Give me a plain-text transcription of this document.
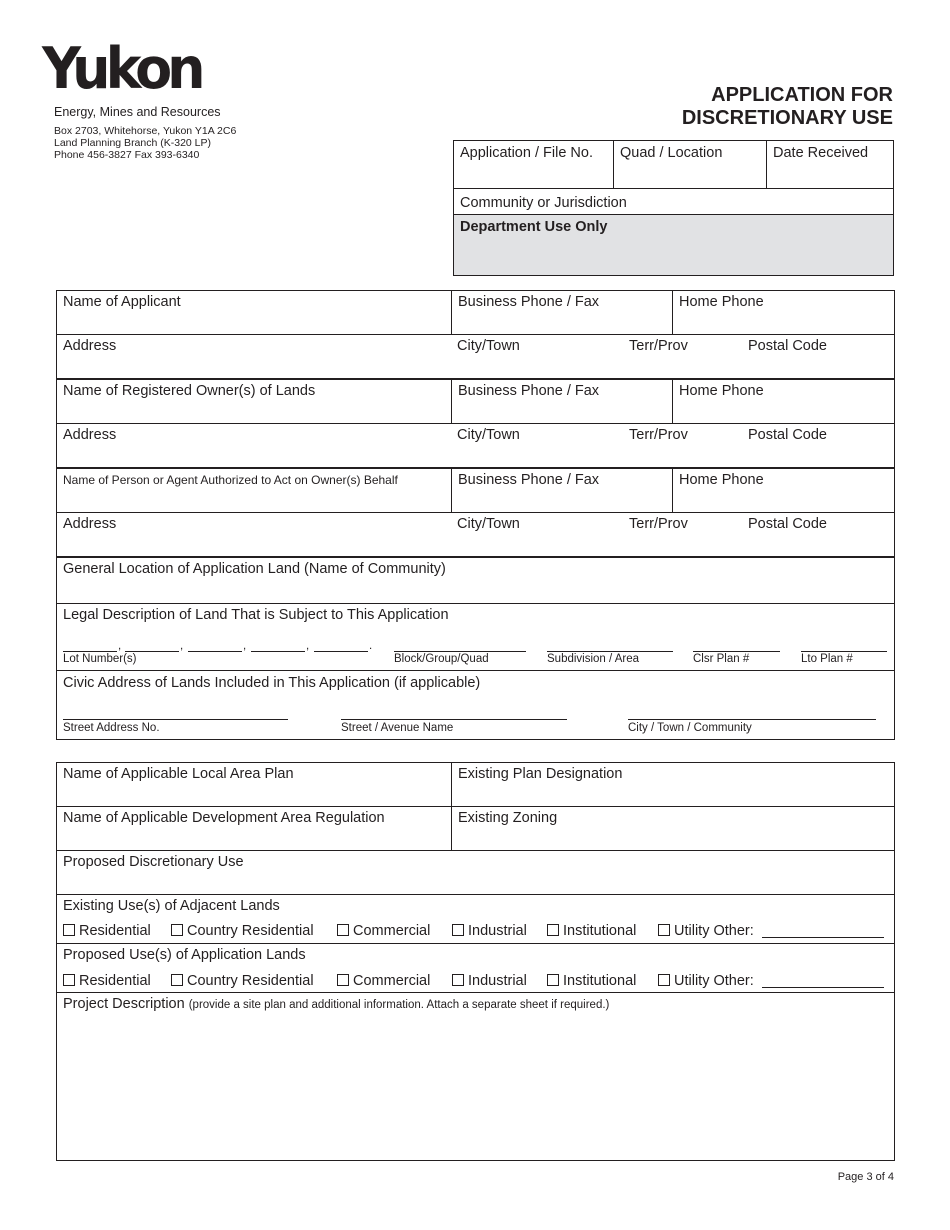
Yukon
Energy, Mines and Resources
Box 2703, Whitehorse, Yukon Y1A 2C6
Land Planning Branch (K-320 LP)
Phone 456-3827 Fax 393-6340
APPLICATION FOR
DISCRETIONARY USE
Application / File No. Quad / Location	Date Received
Community or Jurisdiction
Department Use Only
Name of Applicant	Business Phone / Fax	Home Phone
Address	City/Town	Terr/Prov	Postal Code
Name of Registered Owner(s) of Lands	Business Phone / Fax	Home Phone
Address	City/Town	Terr/Prov	Postal Code
Name of Person or Agent Authorized to Act on Owner(s) Behalf	Business Phone / Fax	Home Phone
Address	City/Town	Terr/Prov	Postal Code
General Location of Application Land (Name of Community)
Legal Description of Land That is Subject to This Application
,	,	,	,	.
Lot Number(s)	Block/Group/Quad	Subdivision / Area	Clsr Plan #	Lto Plan #
Civic Address of Lands Included in This Application (if applicable)
Street Address No.	Street / Avenue Name	City / Town / Community
Name of Applicable Local Area Plan	Existing Plan Designation
Name of Applicable Development Area Regulation	Existing Zoning
Proposed Discretionary Use
Existing Use(s) of Adjacent Lands
Residential	Country Residential	Commercial	Industrial Institutional	Utility Other:
Proposed Use(s) of Application Lands
Residential	Country Residential	Commercial	Industrial Institutional	Utility Other:
Project Description (provide a site plan and additional information. Attach a separate sheet if required.)
Page 3 of 4
